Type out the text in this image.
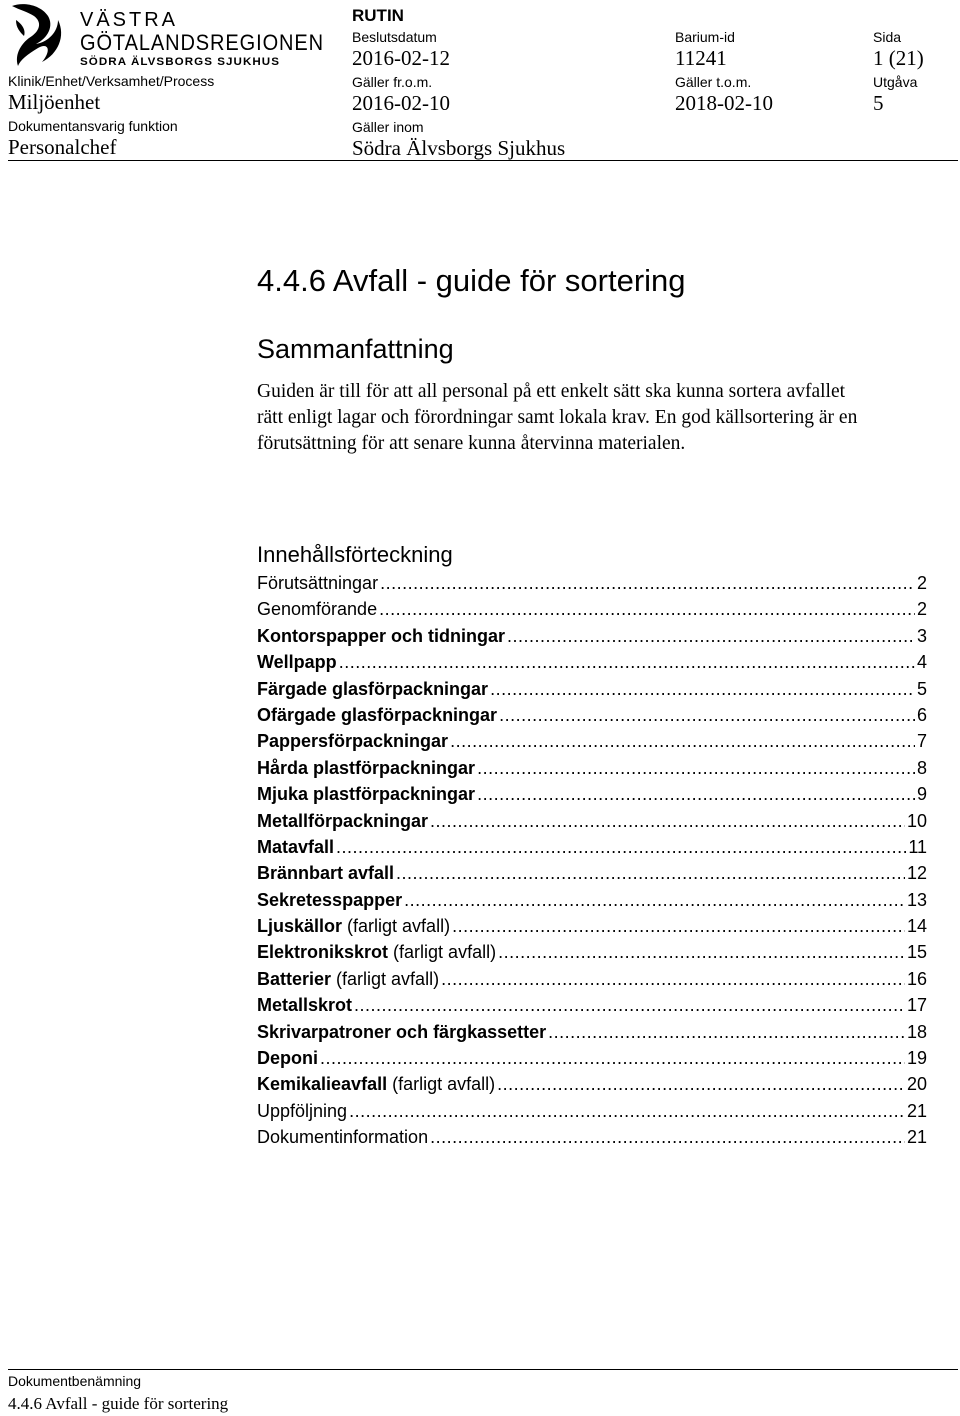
VÄSTRA
GÖTALANDSREGIONEN
SÖDRA ÄLVSBORGS SJUKHUS
Klinik/Enhet/Verksamhet/Process
Miljöenhet
Dokumentansvarig funktion
Personalchef
RUTIN
Beslutsdatum
2016-02-12
Gäller fr.o.m.
2016-02-10
Gäller inom
Södra Älvsborgs Sjukhus
Barium-id
11241
Gäller t.o.m.
2018-02-10
Sida
1 (21)
Utgåva
5
4.4.6 Avfall - guide för sortering
Sammanfattning
Guiden är till för att all personal på ett enkelt sätt ska kunna sortera avfallet
rätt enligt lagar och förordningar samt lokala krav. En god källsortering är en
förutsättning för att senare kunna återvinna materialen.
Innehållsförteckning
Förutsättningar .....	2
Genomförande .....	2
Kontorspapper och tidningar .....	3
Wellpapp .....	4
Färgade glasförpackningar .....	5
Ofärgade glasförpackningar .....	6
Pappersförpackningar .....	7
Hårda plastförpackningar .....	8
Mjuka plastförpackningar .....	9
Metallförpackningar .....	10
Matavfall .....	11
Brännbart avfall .....	12
Sekretesspapper .....	13
Ljuskällor (farligt avfall) .....	14
Elektronikskrot (farligt avfall) .....	15
Batterier (farligt avfall) .....	16
Metallskrot .....	17
Skrivarpatroner och färgkassetter .....	18
Deponi .....	19
Kemikalieavfall (farligt avfall) .....	20
Uppföljning .....	21
Dokumentinformation .....	21
Dokumentbenämning
4.4.6 Avfall - guide för sortering
